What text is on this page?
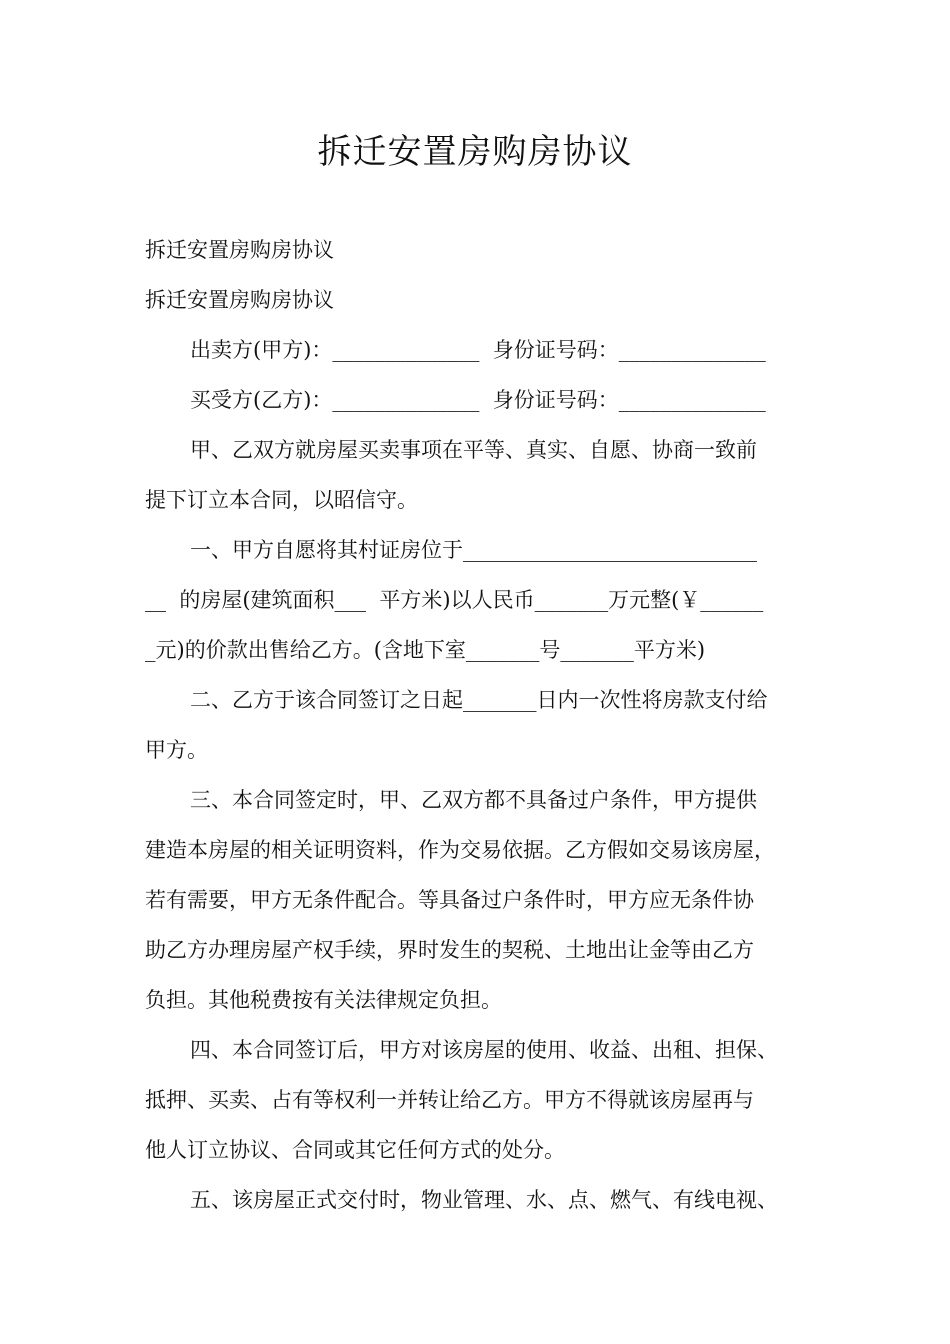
拆迁安置房购房协议

拆迁安置房购房协议

拆迁安置房购房协议

出卖方(甲方)：______________  身份证号码：______________

买受方(乙方)：______________  身份证号码：______________

甲、乙双方就房屋买卖事项在平等、真实、自愿、协商一致前

提下订立本合同，以昭信守。

一、甲方自愿将其村证房位于____________________________

__  的房屋(建筑面积___  平方米)以人民币_______万元整(￥______

_元)的价款出售给乙方。(含地下室_______号_______平方米)

二、乙方于该合同签订之日起_______日内一次性将房款支付给

甲方。

三、本合同签定时，甲、乙双方都不具备过户条件，甲方提供

建造本房屋的相关证明资料，作为交易依据。乙方假如交易该房屋，

若有需要，甲方无条件配合。等具备过户条件时，甲方应无条件协

助乙方办理房屋产权手续，界时发生的契税、土地出让金等由乙方

负担。其他税费按有关法律规定负担。

四、本合同签订后，甲方对该房屋的使用、收益、出租、担保、

抵押、买卖、占有等权利一并转让给乙方。甲方不得就该房屋再与

他人订立协议、合同或其它任何方式的处分。

五、该房屋正式交付时，物业管理、水、点、燃气、有线电视、
